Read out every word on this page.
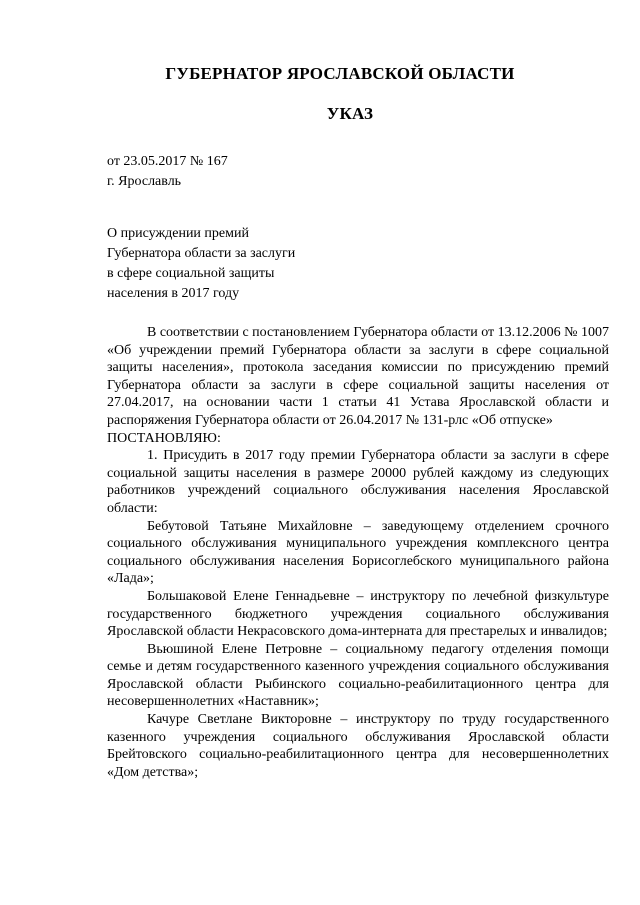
ГУБЕРНАТОР ЯРОСЛАВСКОЙ ОБЛАСТИ
УКАЗ
от 23.05.2017 № 167
г. Ярославль
О присуждении премий
Губернатора области за заслуги
в сфере социальной защиты
населения в 2017 году

В соответствии с постановлением Губернатора области от 13.12.2006 № 1007 «Об учреждении премий Губернатора области за заслуги в сфере социальной защиты населения», протокола заседания комиссии по присуждению премий Губернатора области за заслуги в сфере социальной защиты населения от 27.04.2017, на основании части 1 статьи 41 Устава Ярославской области и распоряжения Губернатора области от 26.04.2017 № 131-рлс «Об отпуске»

ПОСТАНОВЛЯЮ:

1. Присудить в 2017 году премии Губернатора области за заслуги в сфере социальной защиты населения в размере 20000 рублей каждому из следующих работников учреждений социального обслуживания населения Ярославской области:

Бебутовой Татьяне Михайловне – заведующему отделением срочного социального обслуживания муниципального учреждения комплексного центра социального обслуживания населения Борисоглебского муниципального района «Лада»;

Большаковой Елене Геннадьевне – инструктору по лечебной физкультуре государственного бюджетного учреждения социального обслуживания Ярославской области Некрасовского дома-интерната для престарелых и инвалидов;

Вьюшиной Елене Петровне – социальному педагогу отделения помощи семье и детям государственного казенного учреждения социального обслуживания Ярославской области Рыбинского социально-реабилитационного центра для несовершеннолетних «Наставник»;

Качуре Светлане Викторовне – инструктору по труду государственного казенного учреждения социального обслуживания Ярославской области Брейтовского социально-реабилитационного центра для несовершеннолетних «Дом детства»;
